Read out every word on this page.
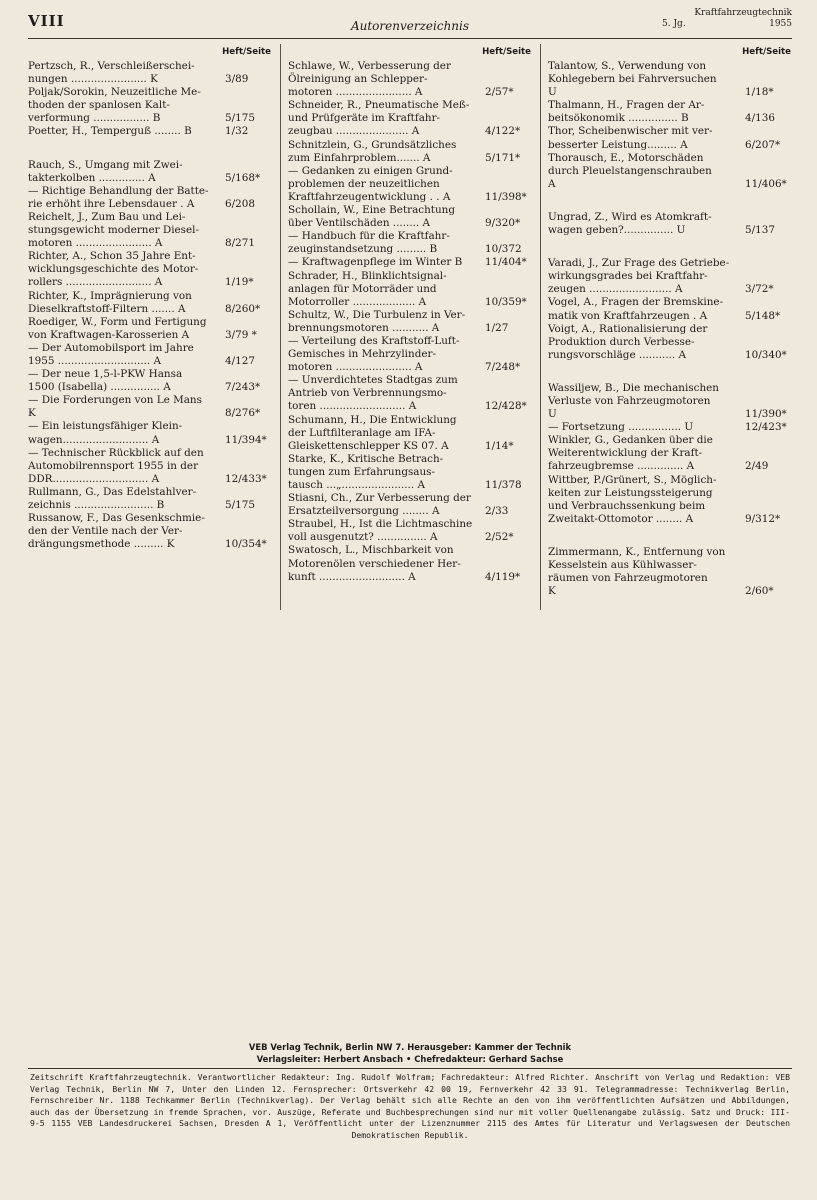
VIII	Autorenverzeichnis
Kraftfahrzeugtechnik
5. Jg.	1955
Heft/Seite
Pertzsch, R., Verschleißerschei-
nungen ....................... K	3/89
Poljak/Sorokin, Neuzeitliche Me-
thoden der spanlosen Kalt-
verformung ................. B	5/175
Poetter, H., Temperguß ........ B	1/32
Rauch, S., Umgang mit Zwei-
takterkolben .............. A	5/168*
— Richtige Behandlung der Batte-
rie erhöht ihre Lebensdauer . A	6/208
Reichelt, J., Zum Bau und Lei-
stungsgewicht moderner Diesel-
motoren ....................... A	8/271
Richter, A., Schon 35 Jahre Ent-
wicklungsgeschichte des Motor-
rollers .......................... A	1/19*
Richter, K., Imprägnierung von
Dieselkraftstoff-Filtern ....... A	8/260*
Roediger, W., Form und Fertigung
von Kraftwagen-Karosserien A	3/79 *
— Der Automobilsport im Jahre
1955 ............................ A	4/127
— Der neue 1,5-l-PKW Hansa
1500 (Isabella) ............... A	7/243*
— Die Forderungen von Le Mans
K	8/276*
— Ein leistungsfähiger Klein-
wagen.......................... A	11/394*
— Technischer Rückblick auf den
Automobilrennsport 1955 in der
DDR............................. A	12/433*
Rullmann, G., Das Edelstahlver-
zeichnis ........................ B	5/175
Russanow, F., Das Gesenkschmie-
den der Ventile nach der Ver-
drängungsmethode ......... K	10/354*
Heft/Seite
Schlawe, W., Verbesserung der
Ölreinigung an Schlepper-
motoren ....................... A	2/57*
Schneider, R., Pneumatische Meß-
und Prüfgeräte im Kraftfahr-
zeugbau ...................... A	4/122*
Schnitzlein, G., Grundsätzliches
zum Einfahrproblem....... A	5/171*
— Gedanken zu einigen Grund-
problemen der neuzeitlichen
Kraftfahrzeugentwicklung . . A	11/398*
Schollain, W., Eine Betrachtung
über Ventilschäden ........ A	9/320*
— Handbuch für die Kraftfahr-
zeuginstandsetzung ......... B	10/372
— Kraftwagenpflege im Winter B	11/404*
Schrader, H., Blinklichtsignal-
anlagen für Motorräder und
Motorroller ................... A	10/359*
Schultz, W., Die Turbulenz in Ver-
brennungsmotoren ........... A	1/27
— Verteilung des Kraftstoff-Luft-
Gemisches in Mehrzylinder-
motoren ....................... A	7/248*
— Unverdichtetes Stadtgas zum
Antrieb von Verbrennungsmo-
toren .......................... A	12/428*
Schumann, H., Die Entwicklung
der Luftfilteranlage am IFA-
Gleiskettenschlepper KS 07. A	1/14*
Starke, K., Kritische Betrach-
tungen zum Erfahrungsaus-
tausch ...„...................... A	11/378
Stiasni, Ch., Zur Verbesserung der
Ersatzteilversorgung ........ A	2/33
Straubel, H., Ist die Lichtmaschine
voll ausgenutzt? ............... A	2/52*
Swatosch, L., Mischbarkeit von
Motorenölen verschiedener Her-
kunft .......................... A	4/119*
Heft/Seite
Talantow, S., Verwendung von
Kohlegebern bei Fahrversuchen
U	1/18*
Thalmann, H., Fragen der Ar-
beitsökonomik ............... B	4/136
Thor, Scheibenwischer mit ver-
besserter Leistung......... A	6/207*
Thorausch, E., Motorschäden
durch Pleuelstangenschrauben
A	11/406*
Ungrad, Z., Wird es Atomkraft-
wagen geben?............... U	5/137
Varadi, J., Zur Frage des Getriebe-
wirkungsgrades bei Kraftfahr-
zeugen ......................... A	3/72*
Vogel, A., Fragen der Bremskine-
matik von Kraftfahrzeugen . A	5/148*
Voigt, A., Rationalisierung der
Produktion durch Verbesse-
rungsvorschläge ........... A	10/340*
Wassiljew, B., Die mechanischen
Verluste von Fahrzeugmotoren
U	11/390*
— Fortsetzung ................ U	12/423*
Winkler, G., Gedanken über die
Weiterentwicklung der Kraft-
fahrzeugbremse .............. A	2/49
Wittber, P./Grünert, S., Möglich-
keiten zur Leistungssteigerung
und Verbrauchssenkung beim
Zweitakt-Ottomotor ........ A	9/312*
Zimmermann, K., Entfernung von
Kesselstein aus Kühlwasser-
räumen von Fahrzeugmotoren
K	2/60*
VEB Verlag Technik, Berlin NW 7. Herausgeber: Kammer der Technik
Verlagsleiter: Herbert Ansbach • Chefredakteur: Gerhard Sachse
Zeitschrift Kraftfahrzeugtechnik. Verantwortlicher Redakteur: Ing. Rudolf Wolfram; Fachredakteur: Alfred Richter. Anschrift von Verlag und Redaktion: VEB Verlag Technik, Berlin NW 7, Unter den Linden 12. Fernsprecher: Ortsverkehr 42 00 19, Fernverkehr 42 33 91. Telegrammadresse: Technikverlag Berlin, Fernschreiber Nr. 1188 Techkammer Berlin (Technikverlag). Der Verlag behält sich alle Rechte an den von ihm veröffentlichten Aufsätzen und Abbildungen, auch das der Übersetzung in fremde Sprachen, vor. Auszüge, Referate und Buchbesprechungen sind nur mit voller Quellenangabe zulässig. Satz und Druck: III-9-5 1155 VEB Landesdruckerei Sachsen, Dresden A 1, Veröffentlicht unter der Lizenznummer 2115 des Amtes für Literatur und Verlagswesen der Deutschen Demokratischen Republik.
